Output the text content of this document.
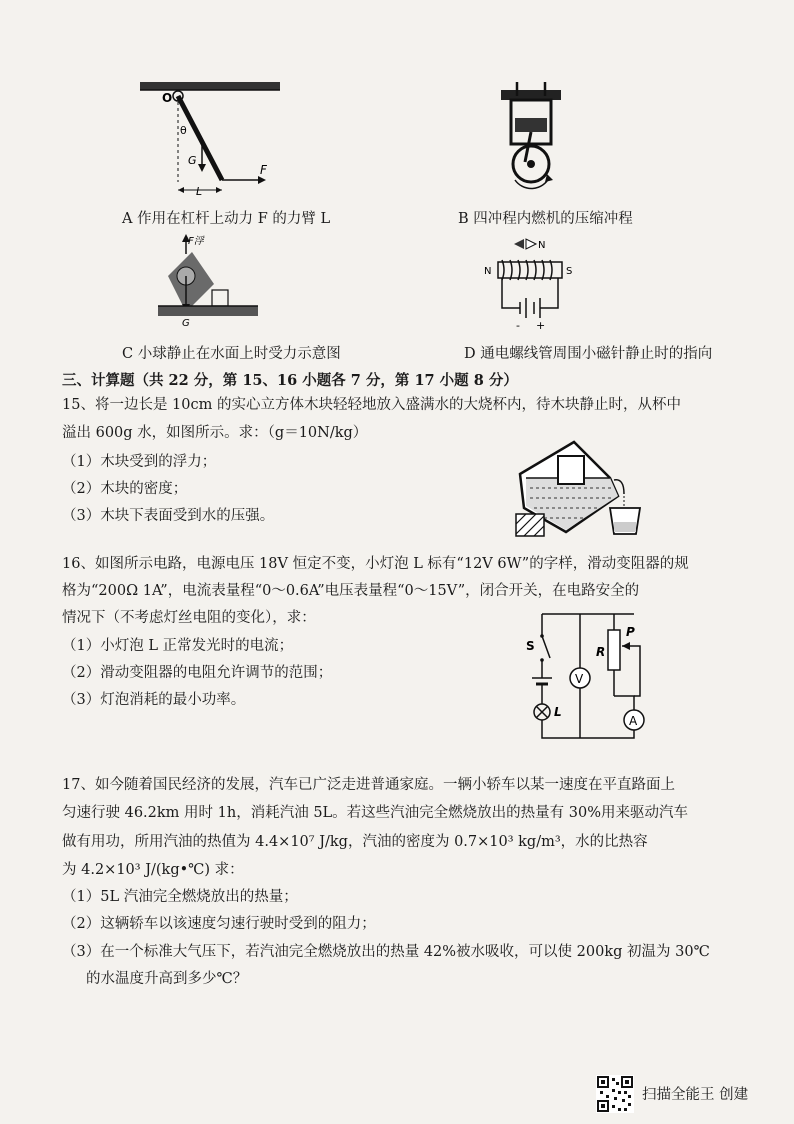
O
θ
G
L
F
A 作用在杠杆上动力 F 的力臂 L	B 四冲程内燃机的压缩冲程
F浮
G
C 小球静止在水面上时受力示意图
N
N	S
- +
D 通电螺线管周围小磁针静止时的指向
三、计算题（共 22 分，第 15、16 小题各 7 分，第 17 小题 8 分）
15、将一边长是 10cm 的实心立方体木块轻轻地放入盛满水的大烧杯内，待木块静止时，从杯中
溢出 600g 水，如图所示。求：（g＝10N/kg）
（1）木块受到的浮力；
（2）木块的密度；
（3）木块下表面受到水的压强。
16、如图所示电路，电源电压 18V 恒定不变，小灯泡 L 标有“12V 6W”的字样，滑动变阻器的规
格为“200Ω 1A”，电流表量程“0～0.6A”电压表量程“0～15V”，闭合开关，在电路安全的
情况下（不考虑灯丝电阻的变化），求：
（1）小灯泡 L 正常发光时的电流；
（2）滑动变阻器的电阻允许调节的范围；
（3）灯泡消耗的最小功率。
S
L
V
R
P
A
17、如今随着国民经济的发展，汽车已广泛走进普通家庭。一辆小轿车以某一速度在平直路面上
匀速行驶 46.2km 用时 1h，消耗汽油 5L。若这些汽油完全燃烧放出的热量有 30%用来驱动汽车
做有用功，所用汽油的热值为 4.4×10⁷ J/kg，汽油的密度为 0.7×10³ kg/m³，水的比热容
为 4.2×10³ J/(kg•℃) 求：
（1）5L 汽油完全燃烧放出的热量；
（2）这辆轿车以该速度匀速行驶时受到的阻力；
（3）在一个标准大气压下，若汽油完全燃烧放出的热量 42%被水吸收，可以使 200kg 初温为 30℃
的水温度升高到多少℃？
扫描全能王 创建
